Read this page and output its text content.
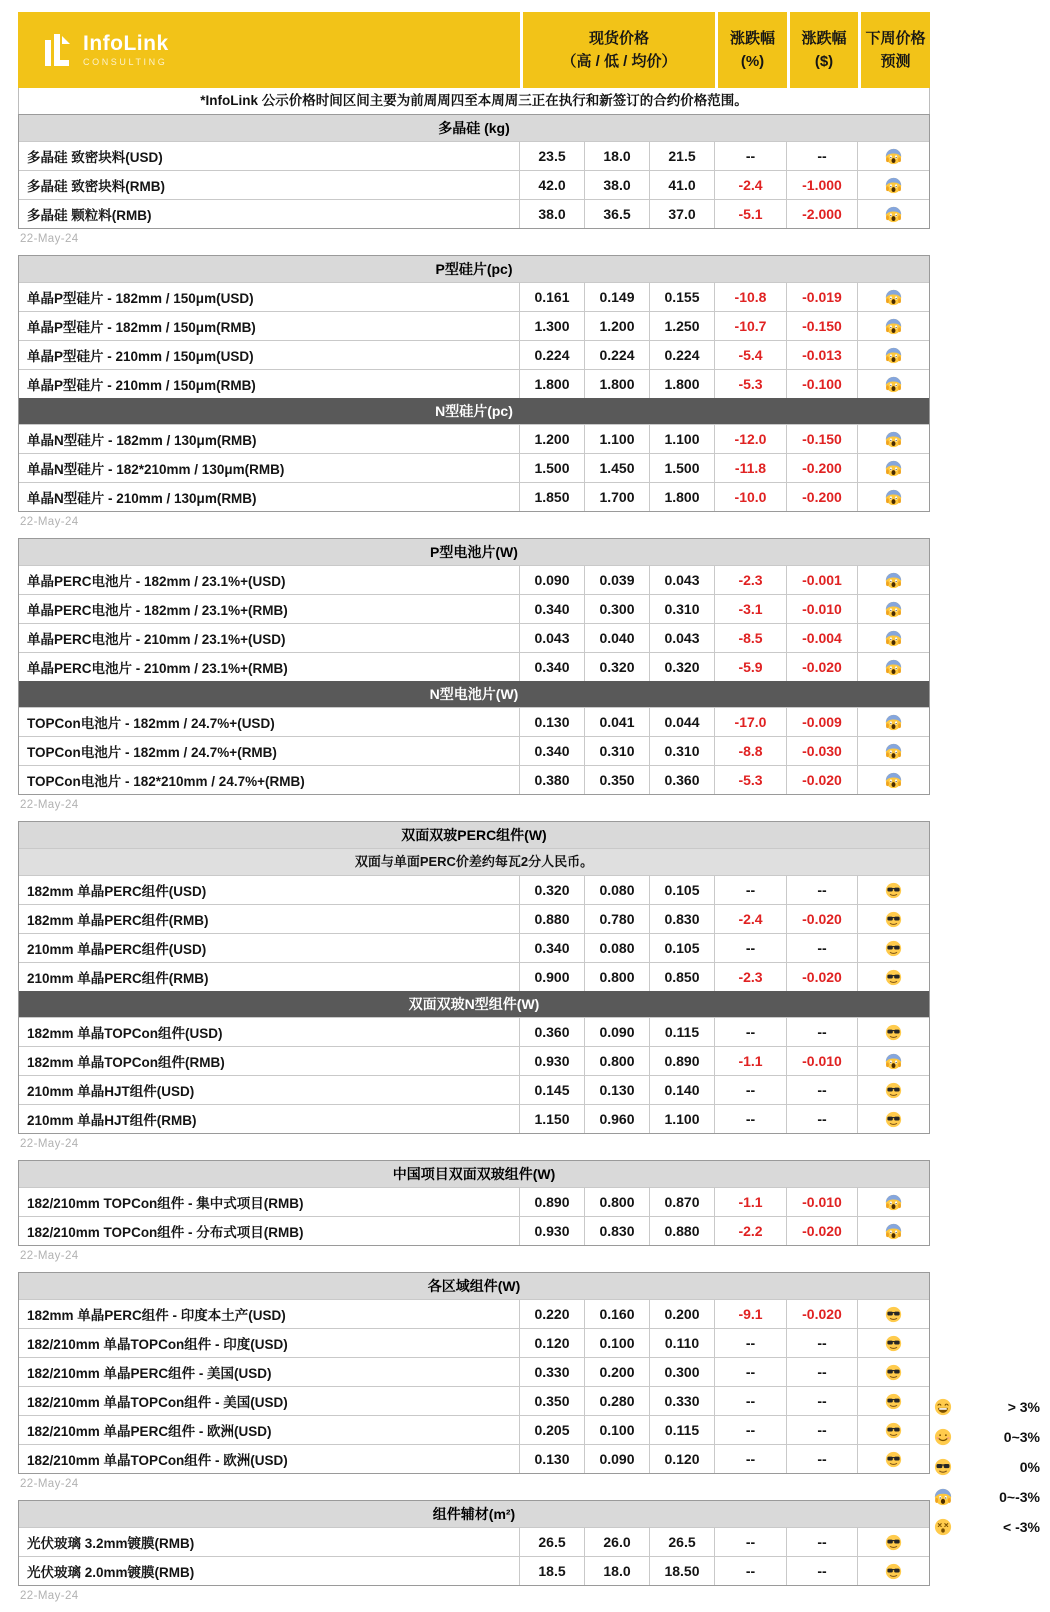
InfoLink
CONSULTING
现货价格
（高 / 低 / 均价）
涨跌幅
(%)
涨跌幅
($)
下周价格
预测
*InfoLink 公示价格时间区间主要为前周周四至本周周三正在执行和新签订的合约价格范围。
多晶硅 (kg)
多晶硅 致密块料(USD)	23.5	18.0	21.5	--	--
多晶硅 致密块料(RMB)	42.0	38.0	41.0	-2.4	-1.000
多晶硅 颗粒料(RMB)	38.0	36.5	37.0	-5.1	-2.000
22-May-24
P型硅片(pc)
单晶P型硅片 - 182mm / 150μm(USD)	0.161	0.149	0.155	-10.8	-0.019
单晶P型硅片 - 182mm / 150μm(RMB)	1.300	1.200	1.250	-10.7	-0.150
单晶P型硅片 - 210mm / 150μm(USD)	0.224	0.224	0.224	-5.4	-0.013
单晶P型硅片 - 210mm / 150μm(RMB)	1.800	1.800	1.800	-5.3	-0.100
N型硅片(pc)
单晶N型硅片 - 182mm / 130μm(RMB)	1.200	1.100	1.100	-12.0	-0.150
单晶N型硅片 - 182*210mm / 130μm(RMB)	1.500	1.450	1.500	-11.8	-0.200
单晶N型硅片 - 210mm / 130μm(RMB)	1.850	1.700	1.800	-10.0	-0.200
22-May-24
P型电池片(W)
单晶PERC电池片 - 182mm / 23.1%+(USD)	0.090	0.039	0.043	-2.3	-0.001
单晶PERC电池片 - 182mm / 23.1%+(RMB)	0.340	0.300	0.310	-3.1	-0.010
单晶PERC电池片 - 210mm / 23.1%+(USD)	0.043	0.040	0.043	-8.5	-0.004
单晶PERC电池片 - 210mm / 23.1%+(RMB)	0.340	0.320	0.320	-5.9	-0.020
N型电池片(W)
TOPCon电池片 - 182mm / 24.7%+(USD)	0.130	0.041	0.044	-17.0	-0.009
TOPCon电池片 - 182mm / 24.7%+(RMB)	0.340	0.310	0.310	-8.8	-0.030
TOPCon电池片 - 182*210mm / 24.7%+(RMB)	0.380	0.350	0.360	-5.3	-0.020
22-May-24
双面双玻PERC组件(W)
双面与单面PERC价差约每瓦2分人民币。
182mm 单晶PERC组件(USD)	0.320	0.080	0.105	--	--
182mm 单晶PERC组件(RMB)	0.880	0.780	0.830	-2.4	-0.020
210mm 单晶PERC组件(USD)	0.340	0.080	0.105	--	--
210mm 单晶PERC组件(RMB)	0.900	0.800	0.850	-2.3	-0.020
双面双玻N型组件(W)
182mm 单晶TOPCon组件(USD)	0.360	0.090	0.115	--	--
182mm 单晶TOPCon组件(RMB)	0.930	0.800	0.890	-1.1	-0.010
210mm 单晶HJT组件(USD)	0.145	0.130	0.140	--	--
210mm 单晶HJT组件(RMB)	1.150	0.960	1.100	--	--
22-May-24
中国项目双面双玻组件(W)
182/210mm TOPCon组件 - 集中式项目(RMB)	0.890	0.800	0.870	-1.1	-0.010
182/210mm TOPCon组件 - 分布式项目(RMB)	0.930	0.830	0.880	-2.2	-0.020
22-May-24
各区域组件(W)
182mm 单晶PERC组件 - 印度本土产(USD)	0.220	0.160	0.200	-9.1	-0.020
182/210mm 单晶TOPCon组件 - 印度(USD)	0.120	0.100	0.110	--	--
182/210mm 单晶PERC组件 - 美国(USD)	0.330	0.200	0.300	--	--
182/210mm 单晶TOPCon组件 - 美国(USD)	0.350	0.280	0.330	--	--
182/210mm 单晶PERC组件 - 欧洲(USD)	0.205	0.100	0.115	--	--
182/210mm 单晶TOPCon组件 - 欧洲(USD)	0.130	0.090	0.120	--	--
22-May-24
组件辅材(m²)
光伏玻璃 3.2mm镀膜(RMB)	26.5	26.0	26.5	--	--
光伏玻璃 2.0mm镀膜(RMB)	18.5	18.0	18.50	--	--
22-May-24
> 3%
0~3%
0%
0~-3%
< -3%
